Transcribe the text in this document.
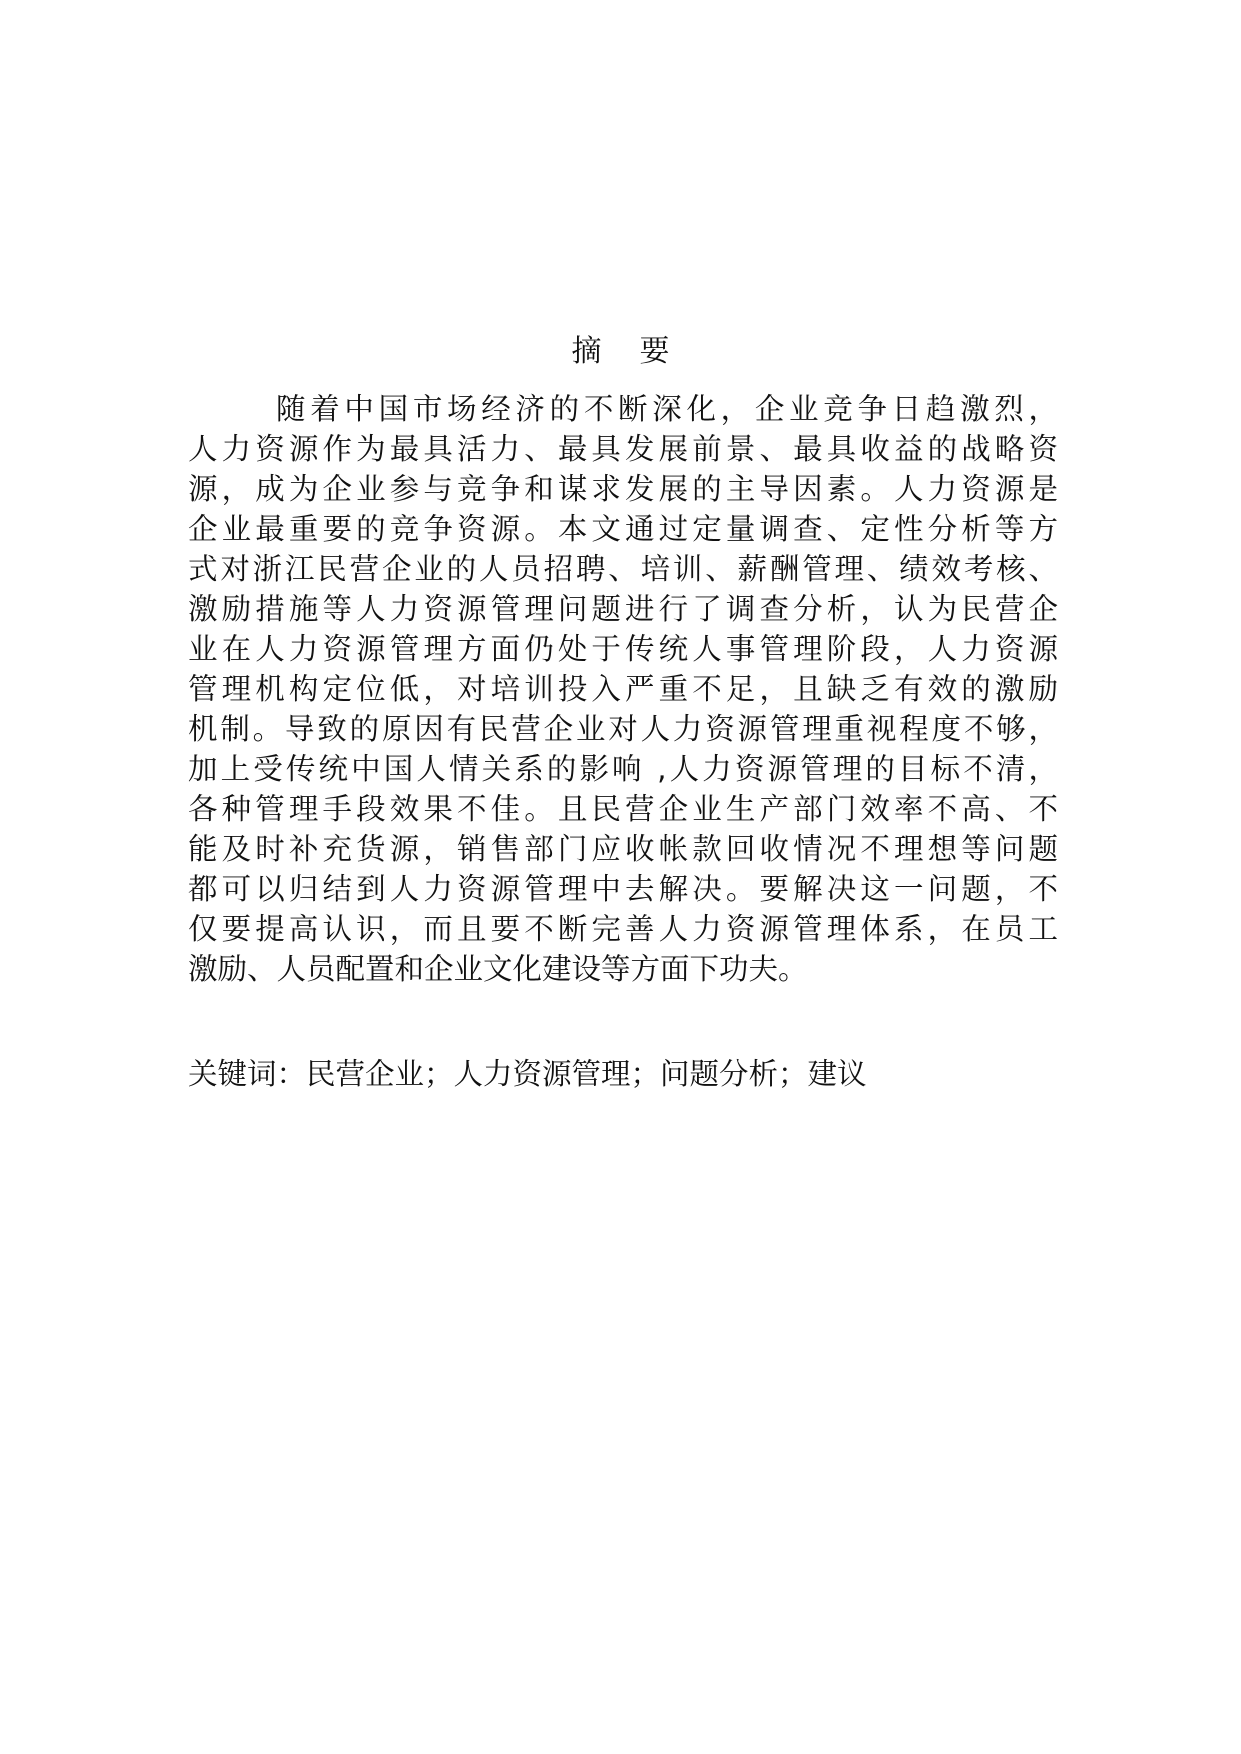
摘 要
随着中国市场经济的不断深化，企业竞争日趋激烈，
人力资源作为最具活力、最具发展前景、最具收益的战略资
源，成为企业参与竞争和谋求发展的主导因素。人力资源是
企业最重要的竞争资源。本文通过定量调查、定性分析等方
式对浙江民营企业的人员招聘、培训、薪酬管理、绩效考核、
激励措施等人力资源管理问题进行了调查分析，认为民营企
业在人力资源管理方面仍处于传统人事管理阶段，人力资源
管理机构定位低，对培训投入严重不足，且缺乏有效的激励
机制。导致的原因有民营企业对人力资源管理重视程度不够，
加上受传统中国人情关系的影响 ,人力资源管理的目标不清，
各种管理手段效果不佳。且民营企业生产部门效率不高、不
能及时补充货源，销售部门应收帐款回收情况不理想等问题
都可以归结到人力资源管理中去解决。要解决这一问题，不
仅要提高认识，而且要不断完善人力资源管理体系，在员工
激励、人员配置和企业文化建设等方面下功夫。
关键词：民营企业；人力资源管理；问题分析；建议
